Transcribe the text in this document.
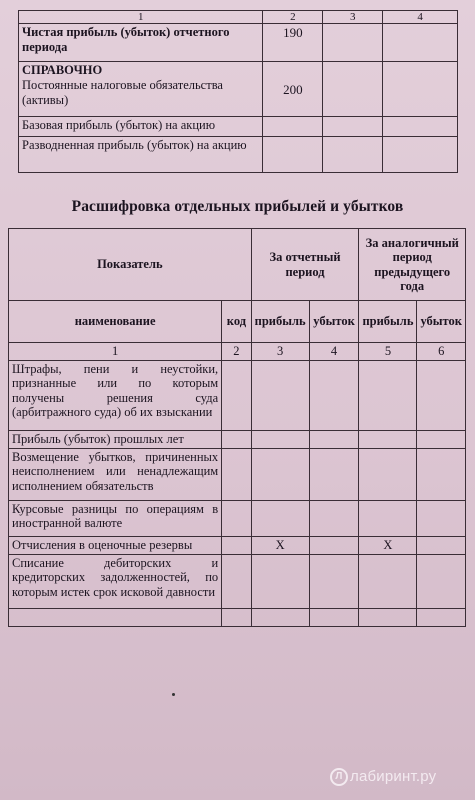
1	2	3	4
Чистая прибыль (убыток) отчетного периода	190		

СПРАВОЧНО
Постоянные налоговые обязательства (активы)	200		
Базовая прибыль (убыток) на акцию			
Разводненная прибыль (убыток) на акцию			
Расшифровка отдельных прибылей и убытков
Показатель		За отчетный период		За аналогичный период предыдущего года	
наименование	код	прибыль	убыток	прибыль	убыток
1	2	3	4	5	6
Штрафы, пени и неустойки, признанные или по которым получены решения суда (арбитражного суда) об их взыскании					
Прибыль (убыток) прошлых лет					
Возмещение убытков, причиненных неисполнением или ненадлежащим исполнением обязательств					
Курсовые разницы по операциям в иностранной валюте					
Отчисления в оценочные резервы		X		X	
Списание дебиторских и кредиторских задолженностей, по которым истек срок исковой давности					

Л лабиринт.ру
